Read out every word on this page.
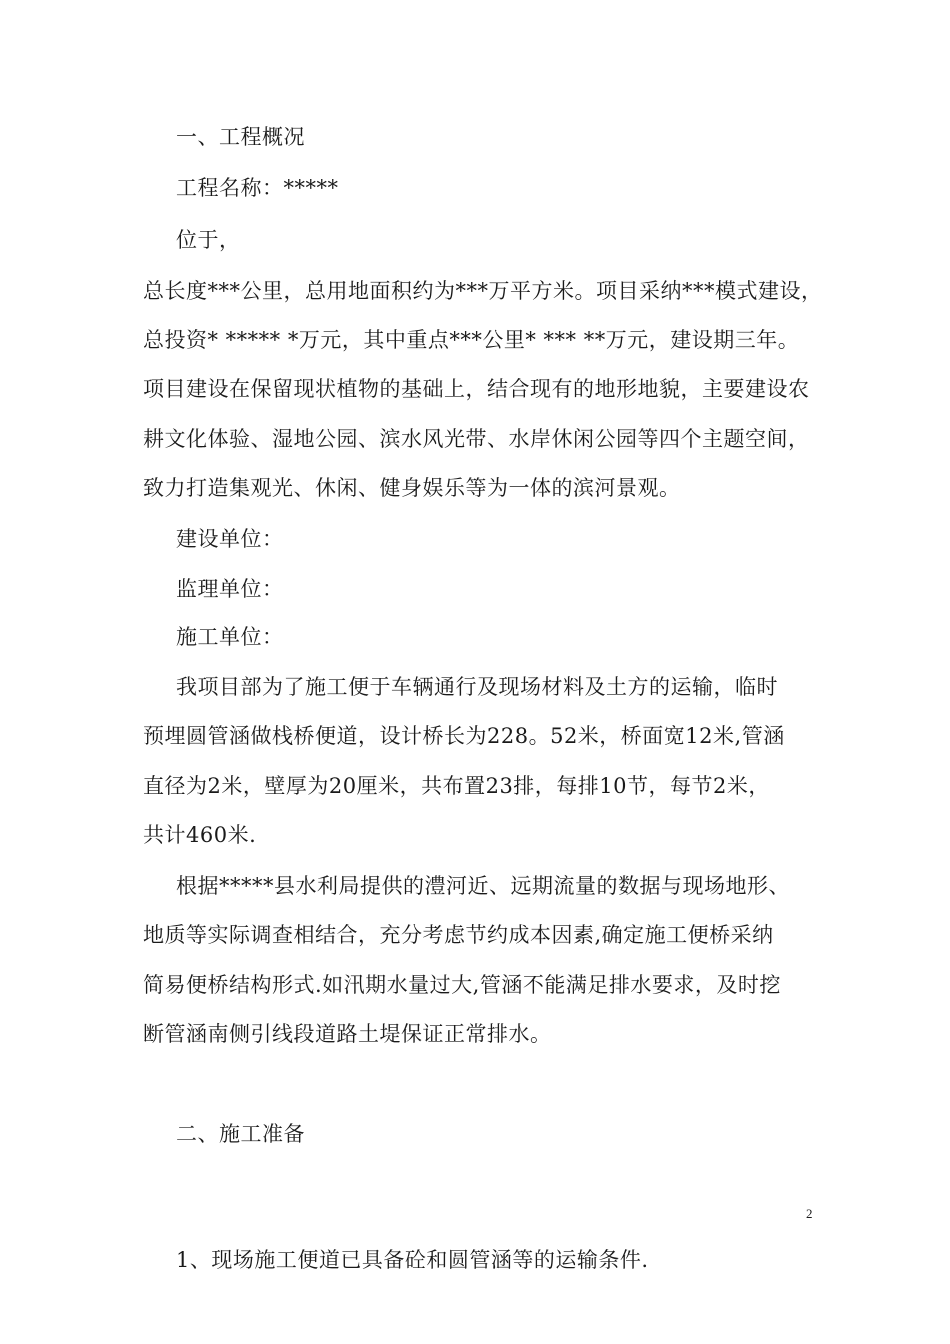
一、工程概况
工程名称：*****
位于，
总长度***公里，总用地面积约为***万平方米。项目采纳***模式建设，
总投资* ***** *万元，其中重点***公里* *** **万元，建设期三年。
项目建设在保留现状植物的基础上，结合现有的地形地貌，主要建设农
耕文化体验、湿地公园、滨水风光带、水岸休闲公园等四个主题空间，
致力打造集观光、休闲、健身娱乐等为一体的滨河景观。
建设单位：
监理单位：
施工单位：
我项目部为了施工便于车辆通行及现场材料及土方的运输，临时
预埋圆管涵做栈桥便道，设计桥长为228。52米，桥面宽12米,管涵
直径为2米，壁厚为20厘米，共布置23排，每排10节，每节2米，
共计460米.
根据*****县水利局提供的澧河近、远期流量的数据与现场地形、
地质等实际调查相结合，充分考虑节约成本因素,确定施工便桥采纳
简易便桥结构形式.如汛期水量过大,管涵不能满足排水要求，及时挖
断管涵南侧引线段道路土堤保证正常排水。
二、施工准备
2
1、现场施工便道已具备砼和圆管涵等的运输条件.
